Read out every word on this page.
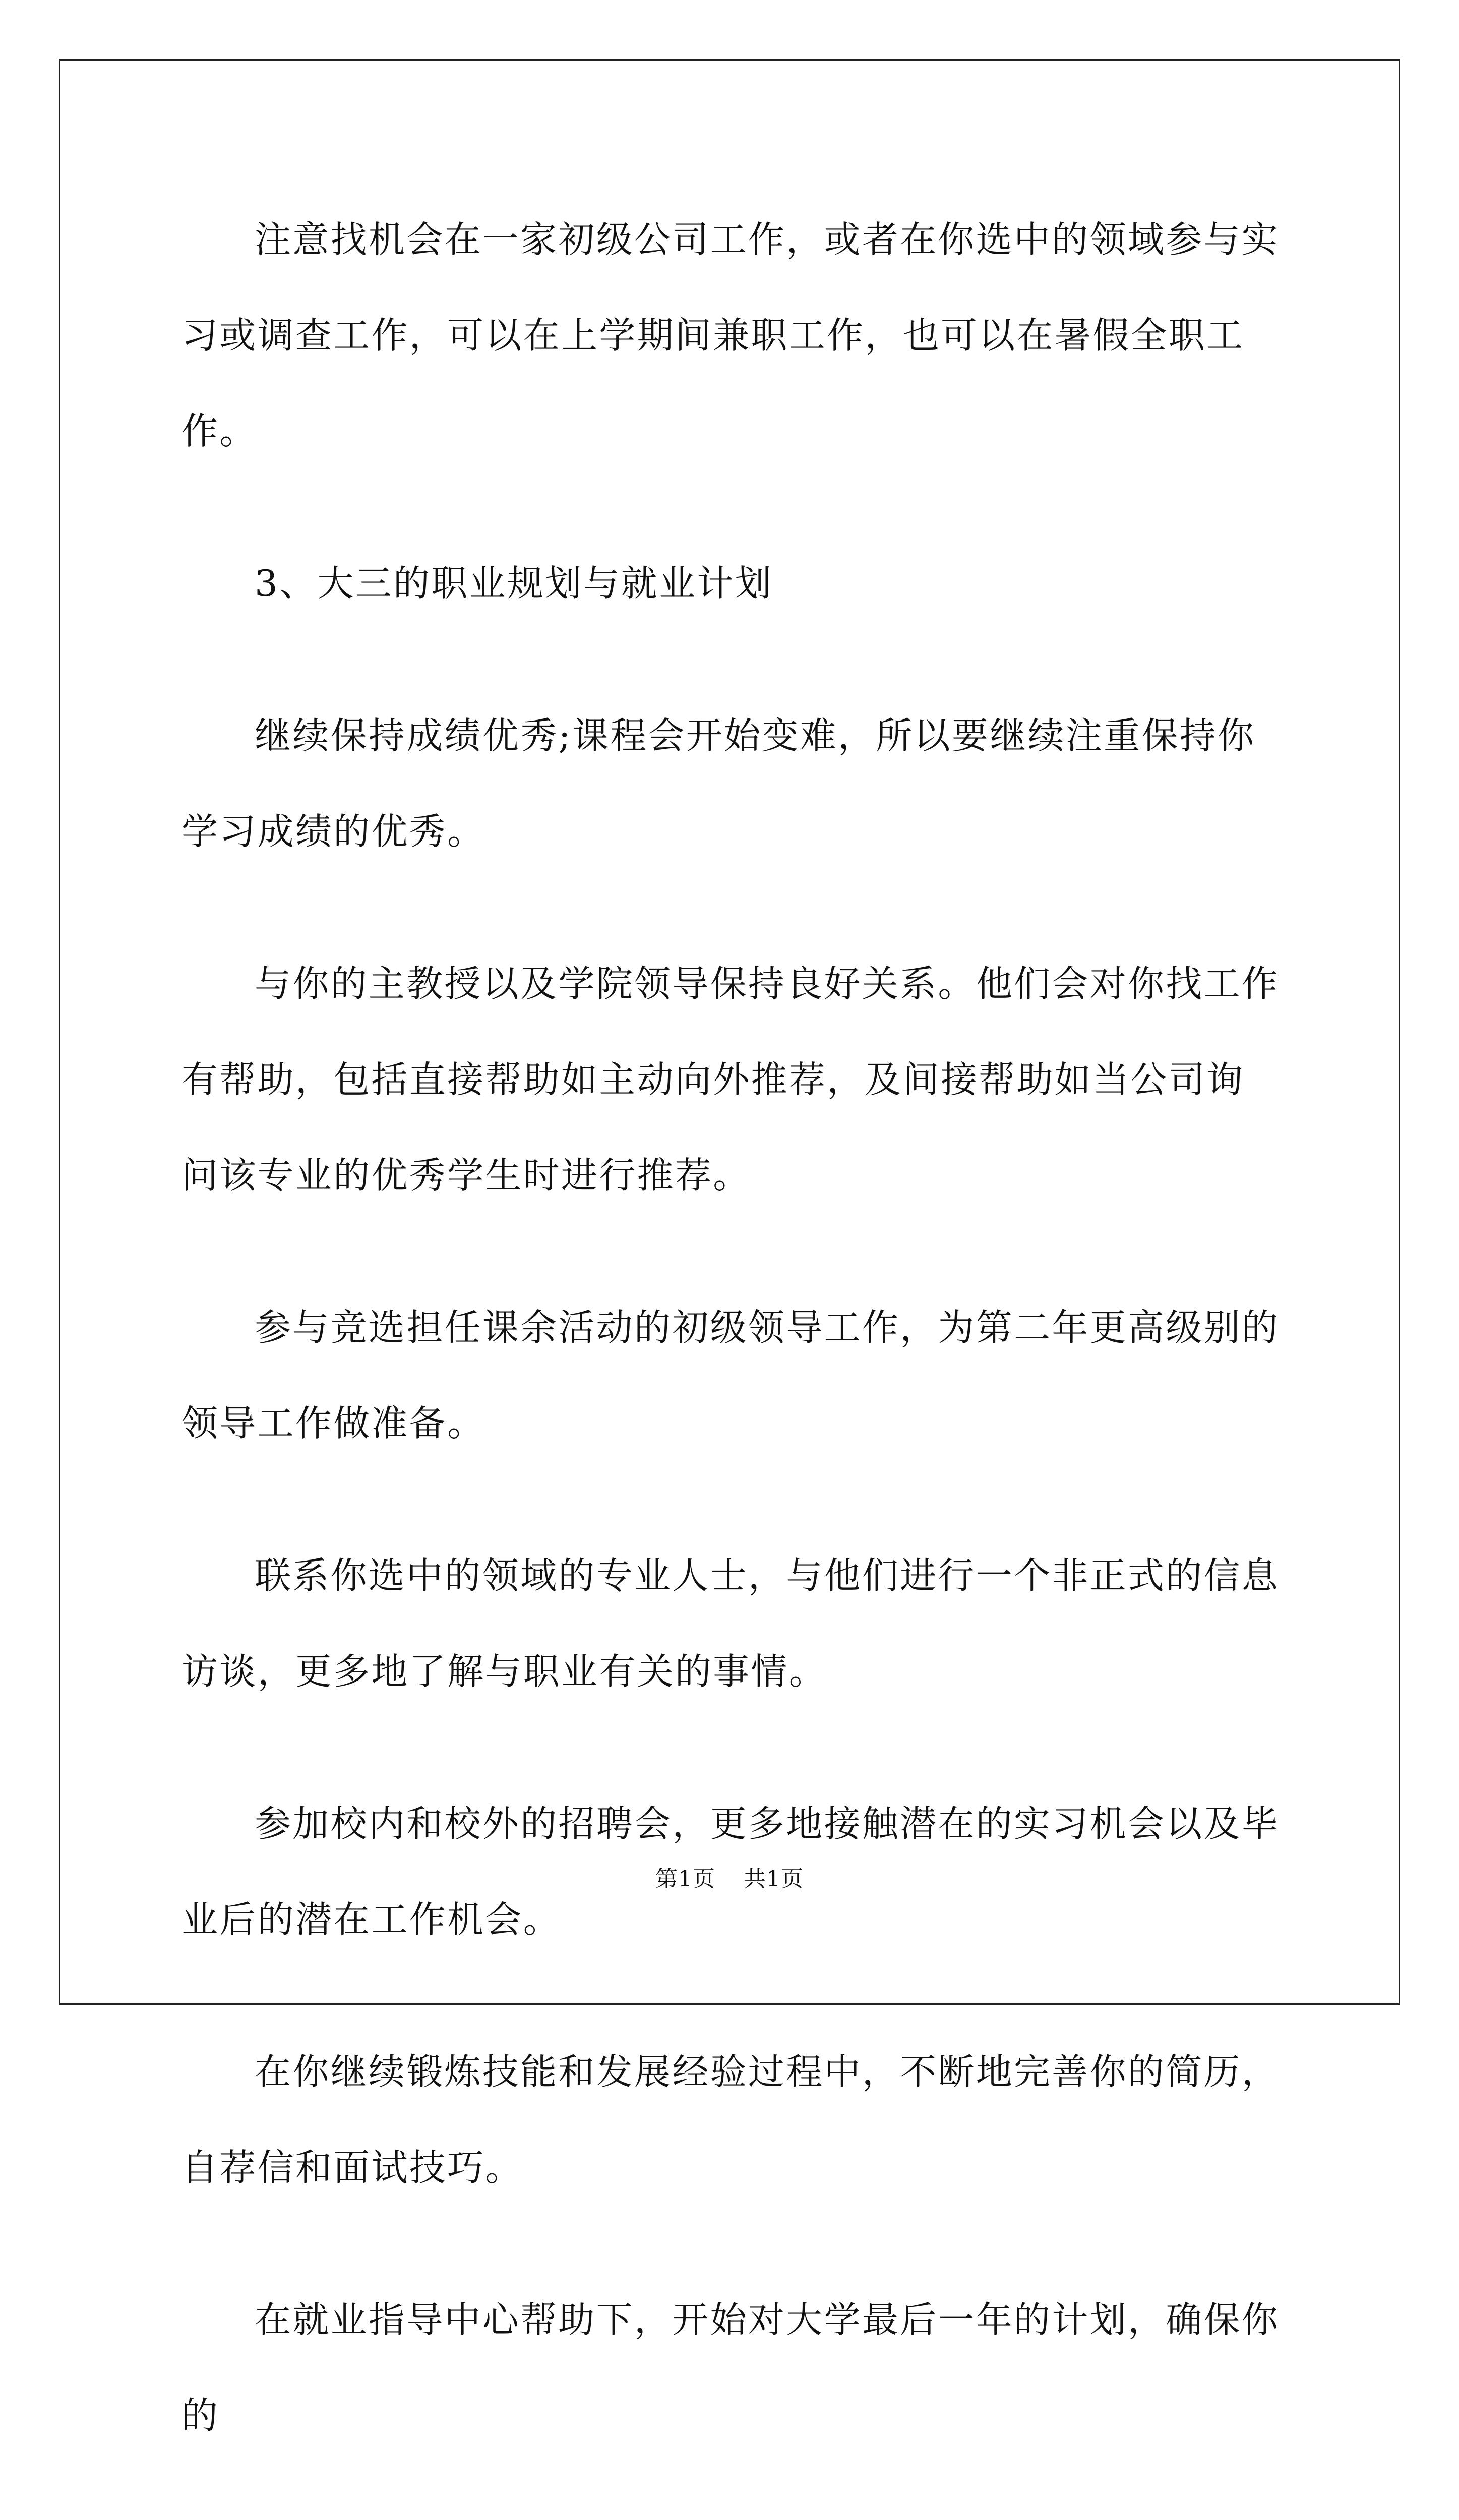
注意找机会在一家初级公司工作，或者在你选中的领域参与实习或调查工作，可以在上学期间兼职工作，也可以在暑假全职工作。

3、大三的职业规划与就业计划

继续保持成绩优秀;课程会开始变难，所以要继续注重保持你学习成绩的优秀。

与你的主教授以及学院领导保持良好关系。他们会对你找工作有帮助，包括直接帮助如主动向外推荐，及间接帮助如当公司询问该专业的优秀学生时进行推荐。

参与竞选担任课余活动的初级领导工作，为第二年更高级别的领导工作做准备。

联系你选中的领域的专业人士，与他们进行一个非正式的信息访谈，更多地了解与职业有关的事情。

参加校内和校外的招聘会，更多地接触潜在的实习机会以及毕业后的潜在工作机会。

在你继续锻炼技能和发展经验过程中，不断地完善你的简历，自荐信和面试技巧。

在就业指导中心帮助下，开始对大学最后一年的计划，确保你的

第1页 共1页
